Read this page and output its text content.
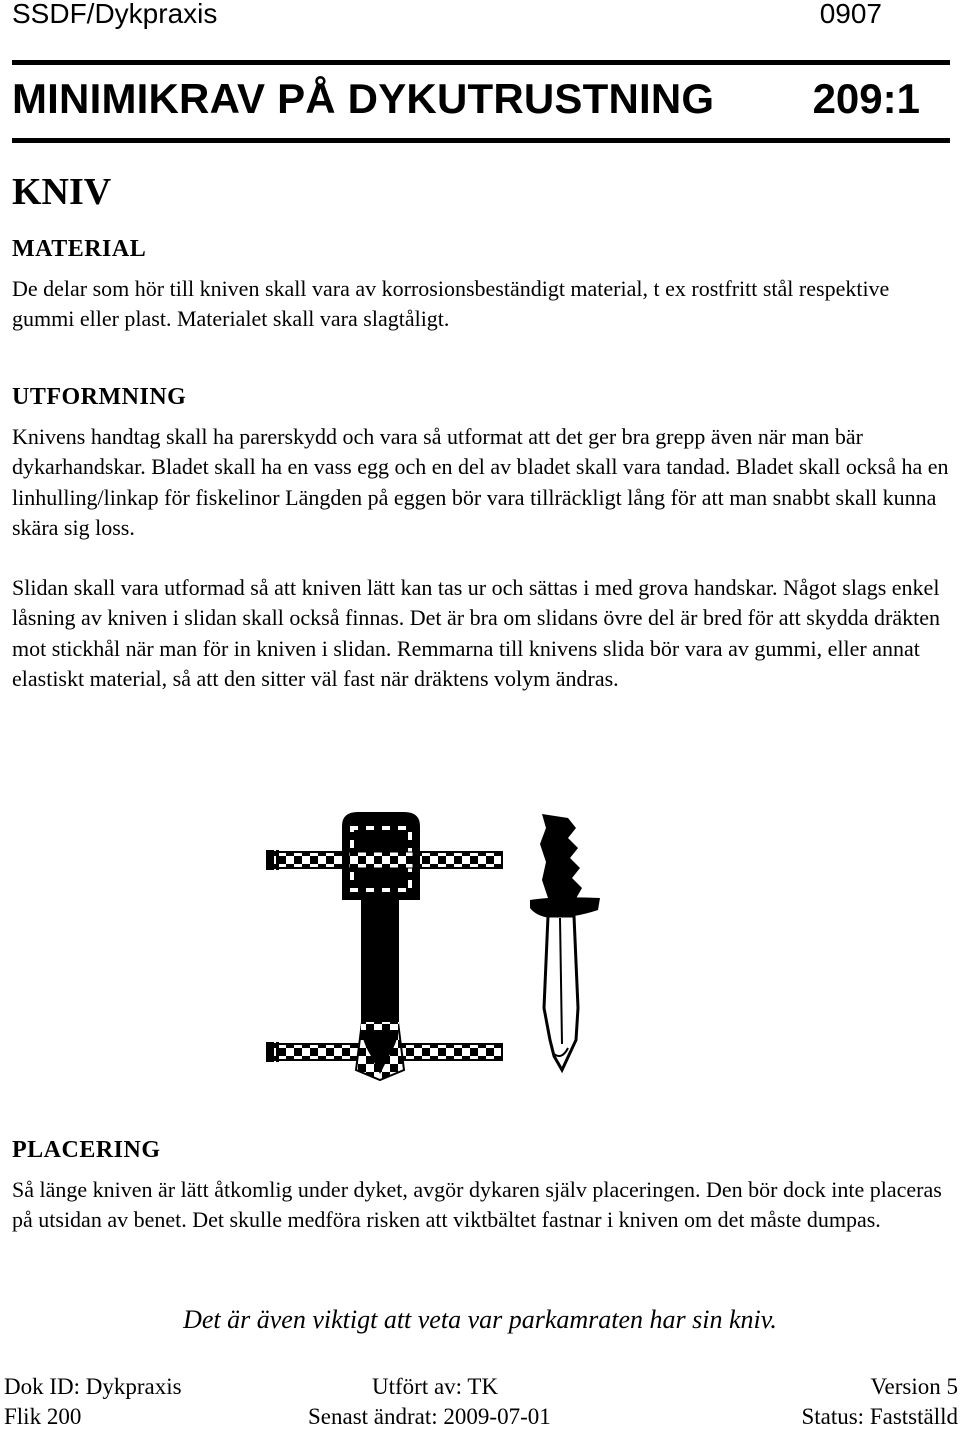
SSDF/Dykpraxis	0907
MINIMIKRAV PÅ DYKUTRUSTNING 209:1
KNIV
MATERIAL

De delar som hör till kniven skall vara av korrosionsbeständigt material, t ex rostfritt stål respektive gummi eller plast. Materialet skall vara slagtåligt.

UTFORMNING

Knivens handtag skall ha parerskydd och vara så utformat att det ger bra grepp även när man bär dykarhandskar. Bladet skall ha en vass egg och en del av bladet skall vara tandad. Bladet skall också ha en linhulling/linkap för fiskelinor Längden på eggen bör vara tillräckligt lång för att man snabbt skall kunna skära sig loss.

Slidan skall vara utformad så att kniven lätt kan tas ur och sättas i med grova handskar. Något slags enkel låsning av kniven i slidan skall också finnas. Det är bra om slidans övre del är bred för att skydda dräkten mot stickhål när man för in kniven i slidan. Remmarna till knivens slida bör vara av gummi, eller annat elastiskt material, så att den sitter väl fast när dräktens volym ändras.

PLACERING

Så länge kniven är lätt åtkomlig under dyket, avgör dykaren själv placeringen. Den bör dock inte placeras på utsidan av benet. Det skulle medföra risken att viktbältet fastnar i kniven om det måste dumpas.

Det är även viktigt att veta var parkamraten har sin kniv.
Dok ID: Dykpraxis
Flik 200
Utfört av: TK
Senast ändrat: 2009-07-01
Version 5
Status: Fastställd
